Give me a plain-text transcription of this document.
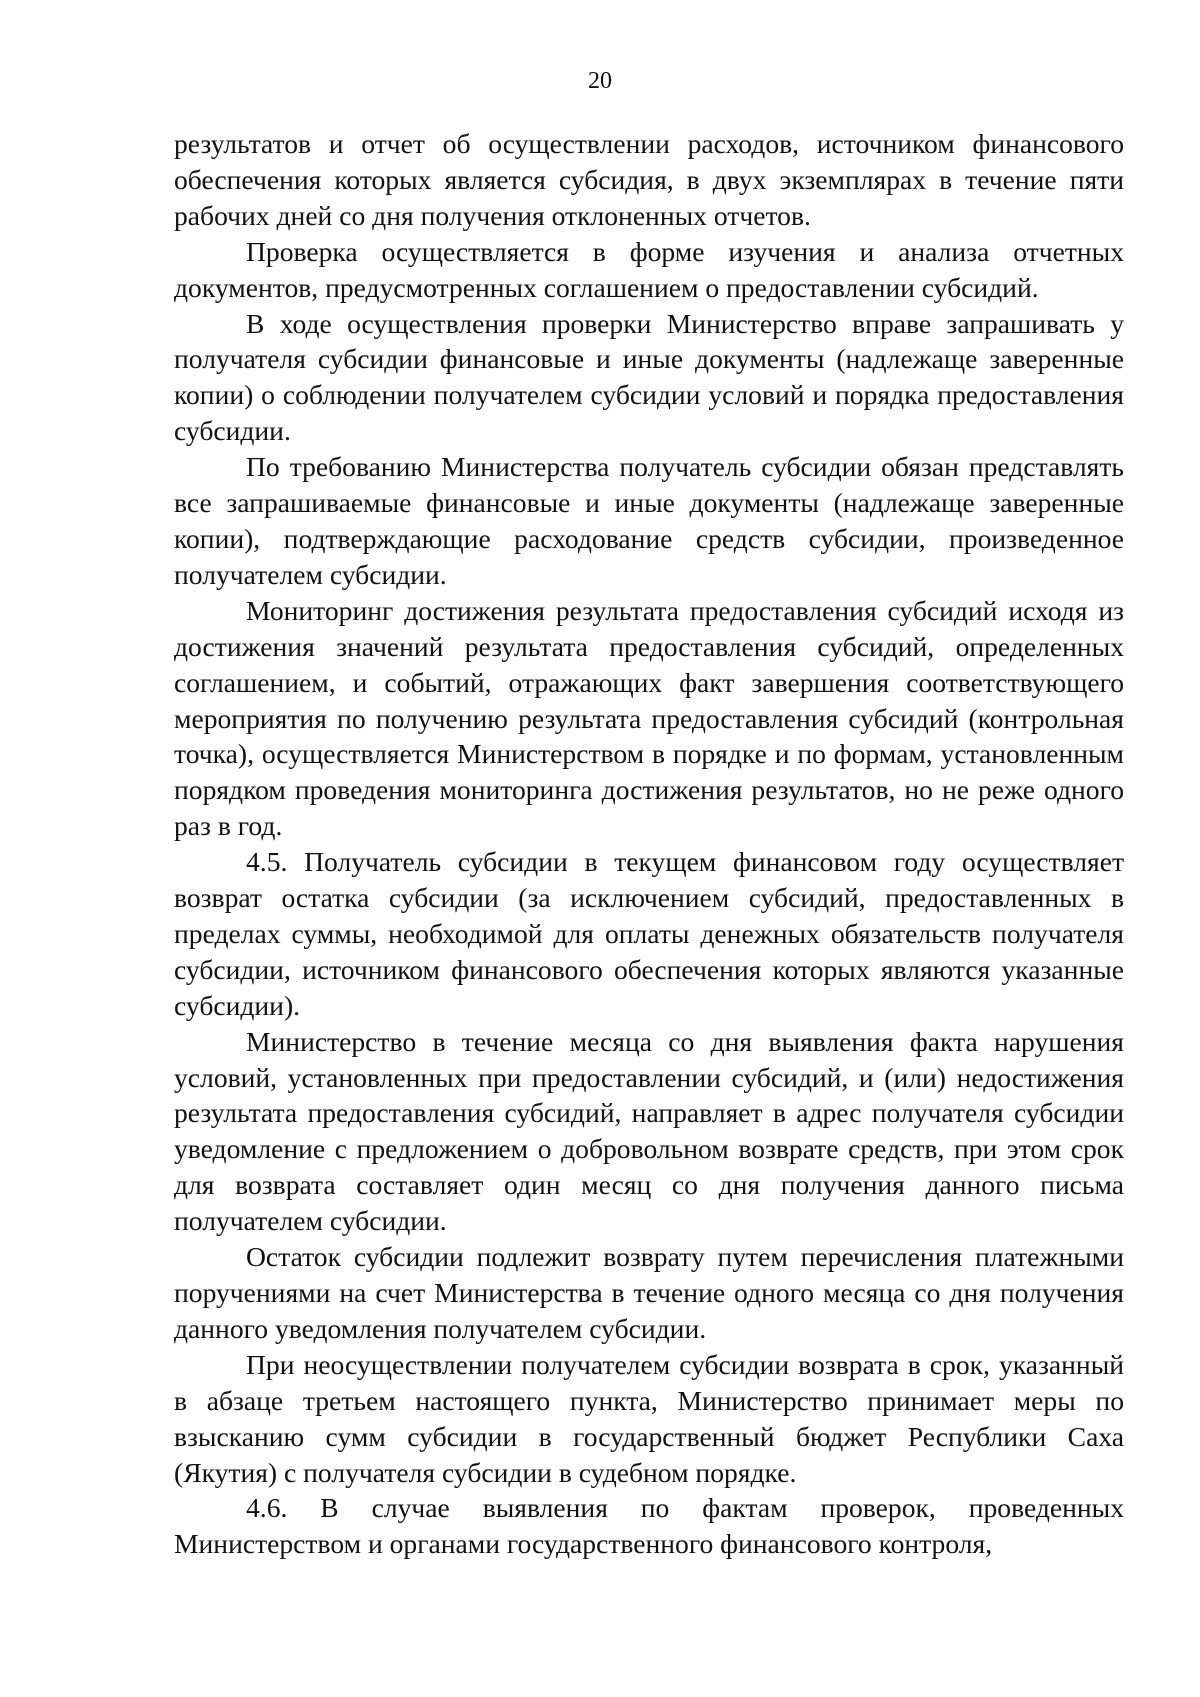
20

результатов и отчет об осуществлении расходов, источником финансового обеспечения которых является субсидия, в двух экземплярах в течение пяти рабочих дней со дня получения отклоненных отчетов.

Проверка осуществляется в форме изучения и анализа отчетных документов, предусмотренных соглашением о предоставлении субсидий.

В ходе осуществления проверки Министерство вправе запрашивать у получателя субсидии финансовые и иные документы (надлежаще заверенные копии) о соблюдении получателем субсидии условий и порядка предоставления субсидии.

По требованию Министерства получатель субсидии обязан представлять все запрашиваемые финансовые и иные документы (надлежаще заверенные копии), подтверждающие расходование средств субсидии, произведенное получателем субсидии.

Мониторинг достижения результата предоставления субсидий исходя из достижения значений результата предоставления субсидий, определенных соглашением, и событий, отражающих факт завершения соответствующего мероприятия по получению результата предоставления субсидий (контрольная точка), осуществляется Министерством в порядке и по формам, установленным порядком проведения мониторинга достижения результатов, но не реже одного раз в год.

4.5. Получатель субсидии в текущем финансовом году осуществляет возврат остатка субсидии (за исключением субсидий, предоставленных в пределах суммы, необходимой для оплаты денежных обязательств получателя субсидии, источником финансового обеспечения которых являются указанные субсидии).

Министерство в течение месяца со дня выявления факта нарушения условий, установленных при предоставлении субсидий, и (или) недостижения результата предоставления субсидий, направляет в адрес получателя субсидии уведомление с предложением о добровольном возврате средств, при этом срок для возврата составляет один месяц со дня получения данного письма получателем субсидии.

Остаток субсидии подлежит возврату путем перечисления платежными поручениями на счет Министерства в течение одного месяца со дня получения данного уведомления получателем субсидии.

При неосуществлении получателем субсидии возврата в срок, указанный в абзаце третьем настоящего пункта, Министерство принимает меры по взысканию сумм субсидии в государственный бюджет Республики Саха (Якутия) с получателя субсидии в судебном порядке.

4.6. В случае выявления по фактам проверок, проведенных Министерством и органами государственного финансового контроля,
